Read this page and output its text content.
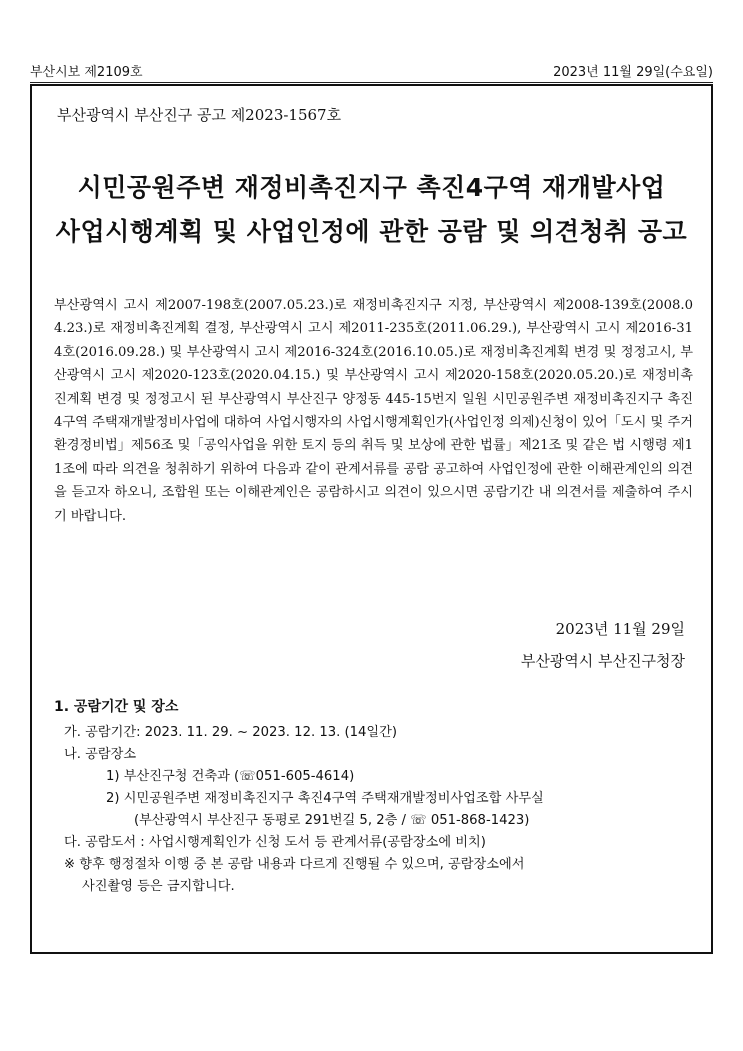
부산시보 제2109호	2023년 11월 29일(수요일)
부산광역시 부산진구 공고 제2023-1567호
시민공원주변 재정비촉진지구 촉진4구역 재개발사업
사업시행계획 및 사업인정에 관한 공람 및 의견청취 공고
부산광역시 고시 제2007-198호(2007.05.23.)로 재정비촉진지구 지정, 부산광역시 제2008-139호(2008.04.23.)로 재정비촉진계획 결정, 부산광역시 고시 제2011-235호(2011.06.29.), 부산광역시 고시 제2016-314호(2016.09.28.) 및 부산광역시 고시 제2016-324호(2016.10.05.)로 재정비촉진계획 변경 및 정정고시, 부산광역시 고시 제2020-123호(2020.04.15.) 및 부산광역시 고시 제2020-158호(2020.05.20.)로 재정비촉진계획 변경 및 정정고시 된 부산광역시 부산진구 양정동 445-15번지 일원 시민공원주변 재정비촉진지구 촉진4구역 주택재개발정비사업에 대하여 사업시행자의 사업시행계획인가(사업인정 의제)신청이 있어「도시 및 주거환경정비법」제56조 및「공익사업을 위한 토지 등의 취득 및 보상에 관한 법률」제21조 및 같은 법 시행령 제11조에 따라 의견을 청취하기 위하여 다음과 같이 관계서류를 공람 공고하여 사업인정에 관한 이해관계인의 의견을 듣고자 하오니, 조합원 또는 이해관계인은 공람하시고 의견이 있으시면 공람기간 내 의견서를 제출하여 주시기 바랍니다.
2023년 11월 29일
부산광역시 부산진구청장
1. 공람기간 및 장소
가. 공람기간: 2023. 11. 29. ~ 2023. 12. 13. (14일간)
나. 공람장소
1) 부산진구청 건축과 (☏051-605-4614)
2) 시민공원주변 재정비촉진지구 촉진4구역 주택재개발정비사업조합 사무실
(부산광역시 부산진구 동평로 291번길 5, 2층 / ☏ 051-868-1423)
다. 공람도서 : 사업시행계획인가 신청 도서 등 관계서류(공람장소에 비치)
※ 향후 행정절차 이행 중 본 공람 내용과 다르게 진행될 수 있으며, 공람장소에서
사진촬영 등은 금지합니다.
